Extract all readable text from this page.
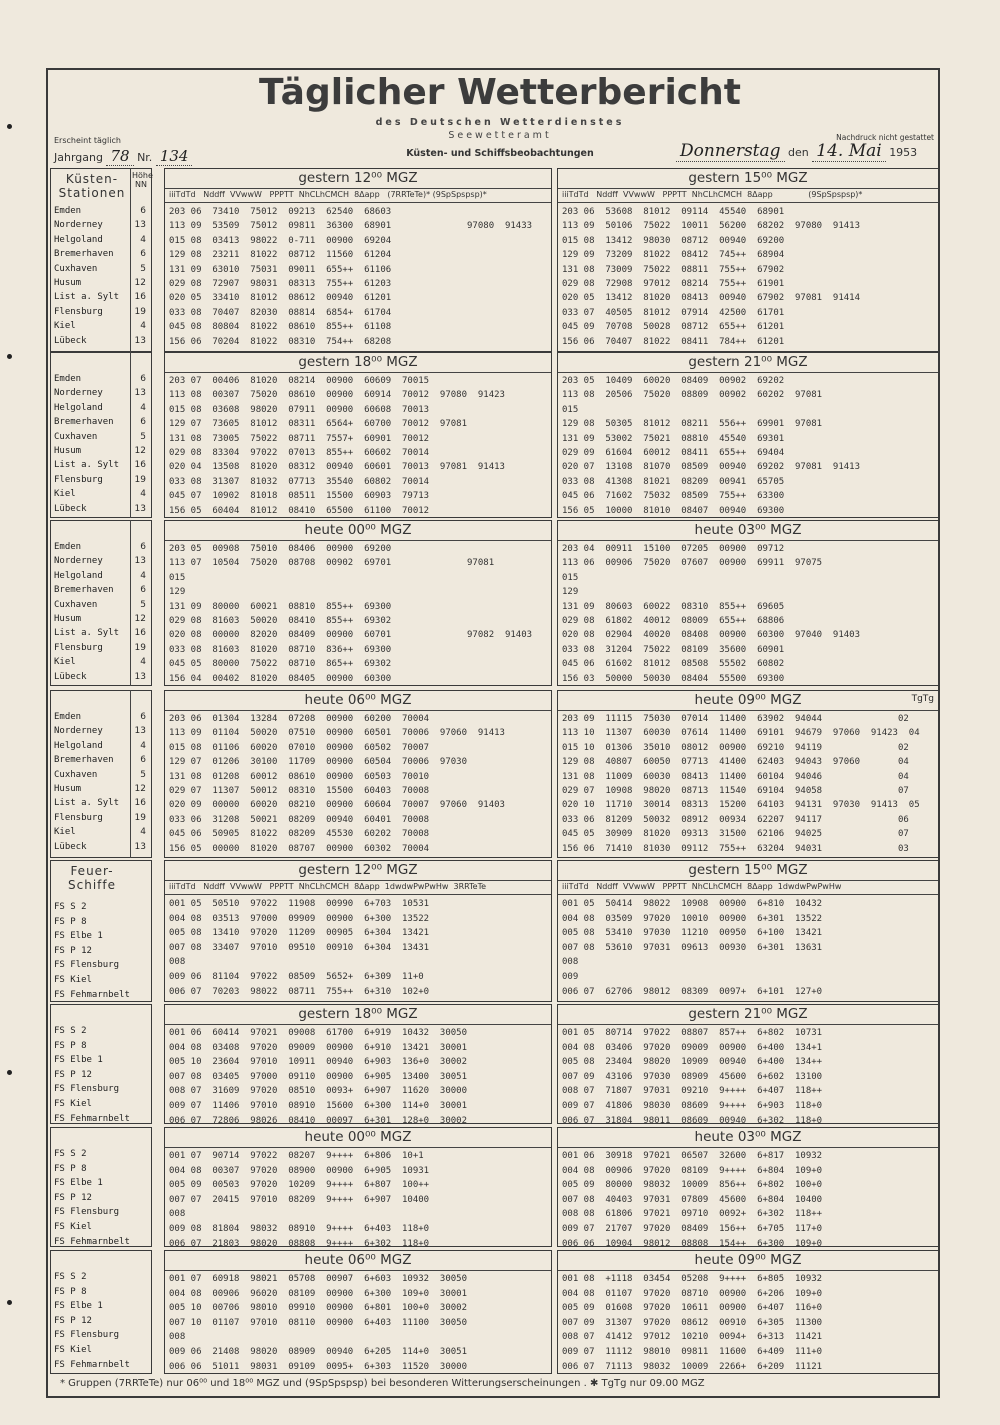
Täglicher Wetterbericht
des Deutschen Wetterdienstes
Seewetteramt
Küsten- und Schiffsbeobachtungen
Erscheint täglich
Jahrgang 78 Nr. 134
Nachdruck nicht gestattet
Donnerstag den 14. Mai 1953
Küsten-
Stationen
Höhe
NN
Emden	6
Norderney	13
Helgoland	4
Bremerhaven	6
Cuxhaven	5
Husum	12
List a. Sylt	16
Flensburg	19
Kiel	4
Lübeck	13
gestern 12⁰⁰ MGZ
iiiTdTd   Nddff  VVwwW   PPPTT  NhCLhCMCH  8Δapp   (7RRTeTe)* (9SpSpspsp)*
203 06  73410  75012  09213  62540  68603
113 09  53509  75012  09811  36300  68901              97080  91433
015 08  03413  98022  0-711  00900  69204
129 08  23211  81022  08712  11560  61204
131 09  63010  75031  09011  655++  61106
029 08  72907  98031  08313  755++  61203
020 05  33410  81012  08612  00940  61201
033 08  70407  82030  08814  6854+  61704
045 08  80804  81022  08610  855++  61108
156 06  70204  81022  08310  754++  68208
gestern 15⁰⁰ MGZ
iiiTdTd   Nddff  VVwwW   PPPTT  NhCLhCMCH  8Δapp              (9SpSpspsp)*
203 06  53608  81012  09114  45540  68901
113 09  50106  75022  10011  56200  68202  97080  91413
015 08  13412  98030  08712  00940  69200
129 09  73209  81022  08412  745++  68904
131 08  73009  75022  08811  755++  67902
029 08  72908  97012  08214  755++  61901
020 05  13412  81020  08413  00940  67902  97081  91414
033 07  40505  81012  07914  42500  61701
045 09  70708  50028  08712  655++  61201
156 06  70407  81022  08411  784++  61201
Emden	6
Norderney	13
Helgoland	4
Bremerhaven	6
Cuxhaven	5
Husum	12
List a. Sylt	16
Flensburg	19
Kiel	4
Lübeck	13
gestern 18⁰⁰ MGZ
203 07  00406  81020  08214  00900  60609  70015
113 08  00307  75020  08610  00900  60914  70012  97080  91423
015 08  03608  98020  07911  00900  60608  70013
129 07  73605  81012  08311  6564+  60700  70012  97081
131 08  73005  75022  08711  7557+  60901  70012
029 08  83304  97022  07013  855++  60602  70014
020 04  13508  81020  08312  00940  60601  70013  97081  91413
033 08  31307  81032  07713  35540  60802  70014
045 07  10902  81018  08511  15500  60903  79713
156 05  60404  81012  08410  65500  61100  70012
gestern 21⁰⁰ MGZ
203 05  10409  60020  08409  00902  69202
113 08  20506  75020  08809  00902  60202  97081
015
129 08  50305  81012  08211  556++  69901  97081
131 09  53002  75021  08810  45540  69301
029 09  61604  60012  08411  655++  69404
020 07  13108  81070  08509  00940  69202  97081  91413
033 08  41308  81021  08209  00941  65705
045 06  71602  75032  08509  755++  63300
156 05  10000  81010  08407  00940  69300
Emden	6
Norderney	13
Helgoland	4
Bremerhaven	6
Cuxhaven	5
Husum	12
List a. Sylt	16
Flensburg	19
Kiel	4
Lübeck	13
heute 00⁰⁰ MGZ
203 05  00908  75010  08406  00900  69200
113 07  10504  75020  08708  00902  69701              97081
015
129
131 09  80000  60021  08810  855++  69300
029 08  81603  50020  08410  855++  69302
020 08  00000  82020  08409  00900  60701              97082  91403
033 08  81603  81020  08710  836++  69300
045 05  80000  75022  08710  865++  69302
156 04  00402  81020  08405  00900  60300
heute 03⁰⁰ MGZ
203 04  00911  15100  07205  00900  09712
113 06  00906  75020  07607  00900  69911  97075
015
129
131 09  80603  60022  08310  855++  69605
029 08  61802  40012  08009  655++  68806
020 08  02904  40020  08408  00900  60300  97040  91403
033 08  31204  75022  08109  35600  60901
045 06  61602  81012  08508  55502  60802
156 03  50000  50030  08404  55500  69300
Emden	6
Norderney	13
Helgoland	4
Bremerhaven	6
Cuxhaven	5
Husum	12
List a. Sylt	16
Flensburg	19
Kiel	4
Lübeck	13
heute 06⁰⁰ MGZ
203 06  01304  13284  07208  00900  60200  70004
113 09  01104  50020  07510  00900  60501  70006  97060  91413
015 08  01106  60020  07010  00900  60502  70007
129 07  01206  30100  11709  00900  60504  70006  97030
131 08  01208  60012  08610  00900  60503  70010
029 07  11307  50012  08310  15500  60403  70008
020 09  00000  60020  08210  00900  60604  70007  97060  91403
033 06  31208  50021  08209  00940  60401  70008
045 06  50905  81022  08209  45530  60202  70008
156 05  00000  81020  08707  00900  60302  70004
heute 09⁰⁰ MGZ	TgTg
203 09  11115  75030  07014  11400  63902  94044              02
113 10  11307  60030  07614  11400  69101  94679  97060  91423  04
015 10  01306  35010  08012  00900  69210  94119              02
129 08  40807  60050  07713  41400  62403  94043  97060       04
131 08  11009  60030  08413  11400  60104  94046              04
029 07  10908  98020  08713  11540  69104  94058              07
020 10  11710  30014  08313  15200  64103  94131  97030  91413  05
033 06  81209  50032  08912  00934  62207  94117              06
045 05  30909  81020  09313  31500  62106  94025              07
156 06  71410  81030  09112  755++  63204  94031              03
Feuer-
Schiffe
FS S 2
FS P 8
FS Elbe 1
FS P 12
FS Flensburg
FS Kiel
FS Fehmarnbelt
gestern 12⁰⁰ MGZ
iiiTdTd   Nddff  VVwwW   PPPTT  NhCLhCMCH  8Δapp  1dwdwPwPwHw  3RRTeTe
001 05  50510  97022  11908  00990  6+703  10531
004 08  03513  97000  09909  00900  6+300  13522
005 08  13410  97020  11209  00905  6+304  13421
007 08  33407  97010  09510  00910  6+304  13431
008
009 06  81104  97022  08509  5652+  6+309  11+0
006 07  70203  98022  08711  755++  6+310  102+0
gestern 15⁰⁰ MGZ
iiiTdTd   Nddff  VVwwW   PPPTT  NhCLhCMCH  8Δapp  1dwdwPwPwHw
001 05  50414  98022  10908  00900  6+810  10432
004 08  03509  97020  10010  00900  6+301  13522
005 08  53410  97030  11210  00950  6+100  13421
007 08  53610  97031  09613  00930  6+301  13631
008
009
006 07  62706  98012  08309  0097+  6+101  127+0
FS S 2
FS P 8
FS Elbe 1
FS P 12
FS Flensburg
FS Kiel
FS Fehmarnbelt
gestern 18⁰⁰ MGZ
001 06  60414  97021  09008  61700  6+919  10432  30050
004 08  03408  97020  09009  00900  6+910  13421  30001
005 10  23604  97010  10911  00940  6+903  136+0  30002
007 08  03405  97000  09110  00900  6+905  13400  30051
008 07  31609  97020  08510  0093+  6+907  11620  30000
009 07  11406  97010  08910  15600  6+300  114+0  30001
006 07  72806  98026  08410  00097  6+301  128+0  30002
gestern 21⁰⁰ MGZ
001 05  80714  97022  08807  857++  6+802  10731
004 08  03406  97020  09009  00900  6+400  134+1
005 08  23404  98020  10909  00940  6+400  134++
007 09  43106  97030  08909  45600  6+602  13100
008 07  71807  97031  09210  9++++  6+407  118++
009 07  41806  98030  08609  9++++  6+903  118+0
006 07  31804  98011  08609  00940  6+302  118+0
FS S 2
FS P 8
FS Elbe 1
FS P 12
FS Flensburg
FS Kiel
FS Fehmarnbelt
heute 00⁰⁰ MGZ
001 07  90714  97022  08207  9++++  6+806  10+1
004 08  00307  97020  08900  00900  6+905  10931
005 09  00503  97020  10209  9++++  6+807  100++
007 07  20415  97010  08209  9++++  6+907  10400
008
009 08  81804  98032  08910  9++++  6+403  118+0
006 07  21803  98020  08808  9++++  6+302  118+0
heute 03⁰⁰ MGZ
001 06  30918  97021  06507  32600  6+817  10932
004 08  00906  97020  08109  9++++  6+804  109+0
005 09  80000  98032  10009  856++  6+802  100+0
007 08  40403  97031  07809  45600  6+804  10400
008 08  61806  97021  09710  0092+  6+302  118++
009 07  21707  97020  08409  156++  6+705  117+0
006 06  10904  98012  08808  154++  6+300  109+0
FS S 2
FS P 8
FS Elbe 1
FS P 12
FS Flensburg
FS Kiel
FS Fehmarnbelt
heute 06⁰⁰ MGZ
001 07  60918  98021  05708  00907  6+603  10932  30050
004 08  00906  96020  08109  00900  6+300  109+0  30001
005 10  00706  98010  09910  00900  6+801  100+0  30002
007 10  01107  97010  08110  00900  6+403  11100  30050
008
009 06  21408  98020  08909  00940  6+205  114+0  30051
006 06  51011  98031  09109  0095+  6+303  11520  30000
heute 09⁰⁰ MGZ
001 08  +1118  03454  05208  9++++  6+805  10932
004 08  01107  97020  08710  00900  6+206  109+0
005 09  01608  97020  10611  00900  6+407  116+0
007 09  31307  97020  08612  00910  6+305  11300
008 07  41412  97012  10210  0094+  6+313  11421
009 07  11112  98010  09811  11600  6+409  111+0
006 07  71113  98032  10009  2266+  6+209  11121
* Gruppen (7RRTeTe) nur 06⁰⁰ und 18⁰⁰ MGZ und (9SpSpspsp) bei besonderen Witterungserscheinungen . ✱ TgTg nur 09.00 MGZ
